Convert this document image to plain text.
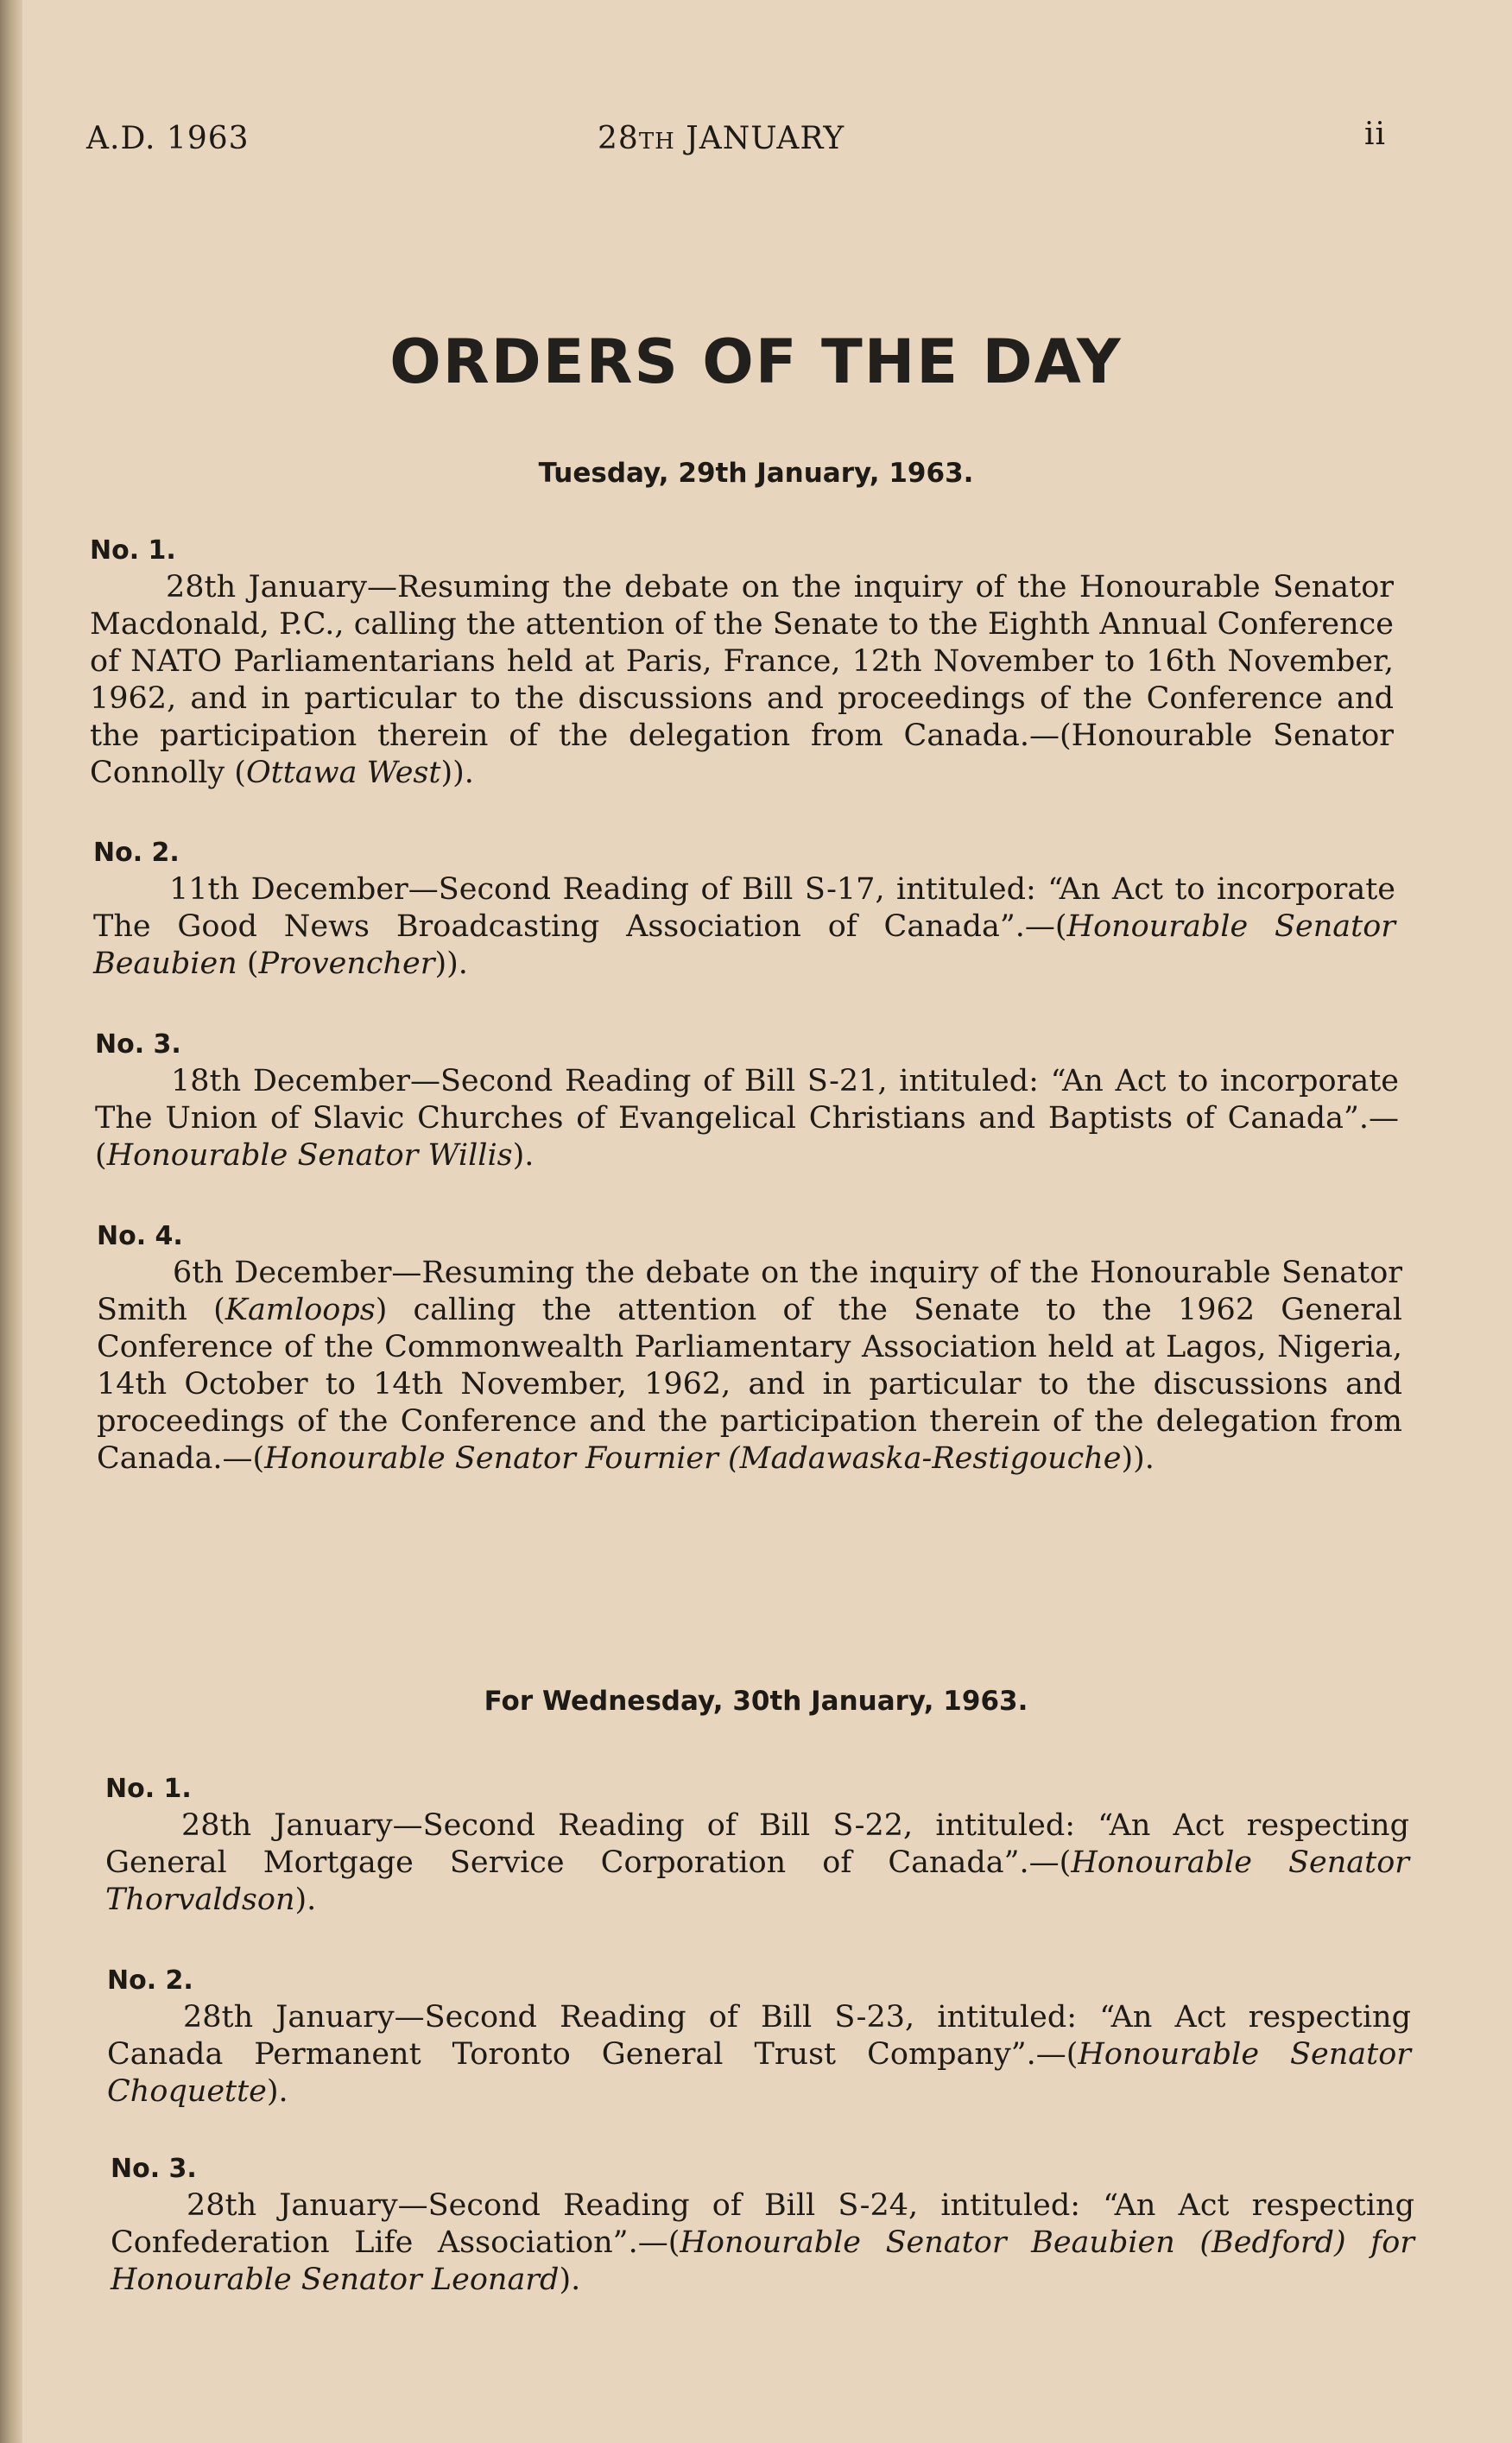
A.D. 1963	28TH JANUARY	ii
ORDERS OF THE DAY
Tuesday, 29th January, 1963.
No. 1.
28th January—Resuming the debate on the inquiry of the Honourable Senator Macdonald, P.C., calling the attention of the Senate to the Eighth Annual Conference of NATO Parliamentarians held at Paris, France, 12th November to 16th November, 1962, and in particular to the discussions and proceedings of the Conference and the participation therein of the delegation from Canada.—(Honourable Senator Connolly (Ottawa West)).
No. 2.
11th December—Second Reading of Bill S-17, intituled: “An Act to incorporate The Good News Broadcasting Association of Canada”.—(Honourable Senator Beaubien (Provencher)).
No. 3.
18th December—Second Reading of Bill S-21, intituled: “An Act to incorporate The Union of Slavic Churches of Evangelical Christians and Baptists of Canada”.—(Honourable Senator Willis).
No. 4.
6th December—Resuming the debate on the inquiry of the Honourable Senator Smith (Kamloops) calling the attention of the Senate to the 1962 General Conference of the Commonwealth Parliamentary Association held at Lagos, Nigeria, 14th October to 14th November, 1962, and in particular to the discussions and proceedings of the Conference and the participation therein of the delegation from Canada.—(Honourable Senator Fournier (Madawaska-Restigouche)).
For Wednesday, 30th January, 1963.
No. 1.
28th January—Second Reading of Bill S-22, intituled: “An Act respecting General Mortgage Service Corporation of Canada”.—(Honourable Senator Thorvaldson).
No. 2.
28th January—Second Reading of Bill S-23, intituled: “An Act respecting Canada Permanent Toronto General Trust Company”.—(Honourable Senator Choquette).
No. 3.
28th January—Second Reading of Bill S-24, intituled: “An Act respecting Confederation Life Association”.—(Honourable Senator Beaubien (Bedford) for Honourable Senator Leonard).
